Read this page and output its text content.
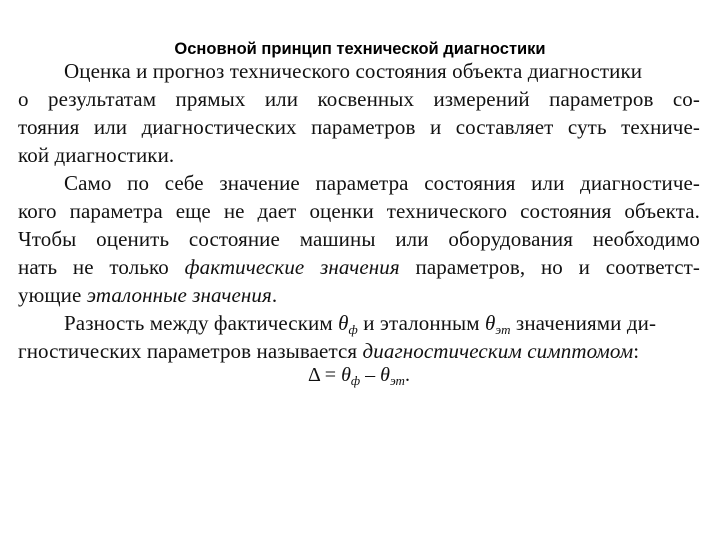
Основной принцип технической диагностики
Оценка и прогноз технического состояния объекта диагностики
о результатам прямых или косвенных измерений параметров со-
тояния или диагностических параметров и составляет суть техниче-
кой диагностики.
Само по себе значение параметра состояния или диагностиче-
кого параметра еще не дает оценки технического состояния объекта.
Чтобы оценить состояние машины или оборудования необходимо
нать не только фактические значения параметров, но и соответст-
ующие эталонные значения.
Разность между фактическим $\theta_ф$ и эталонным θэт значениями ди-
гностических параметров называется диагностическим симптомом:
$\Delta = \theta_ф - \theta_{эт}$.
